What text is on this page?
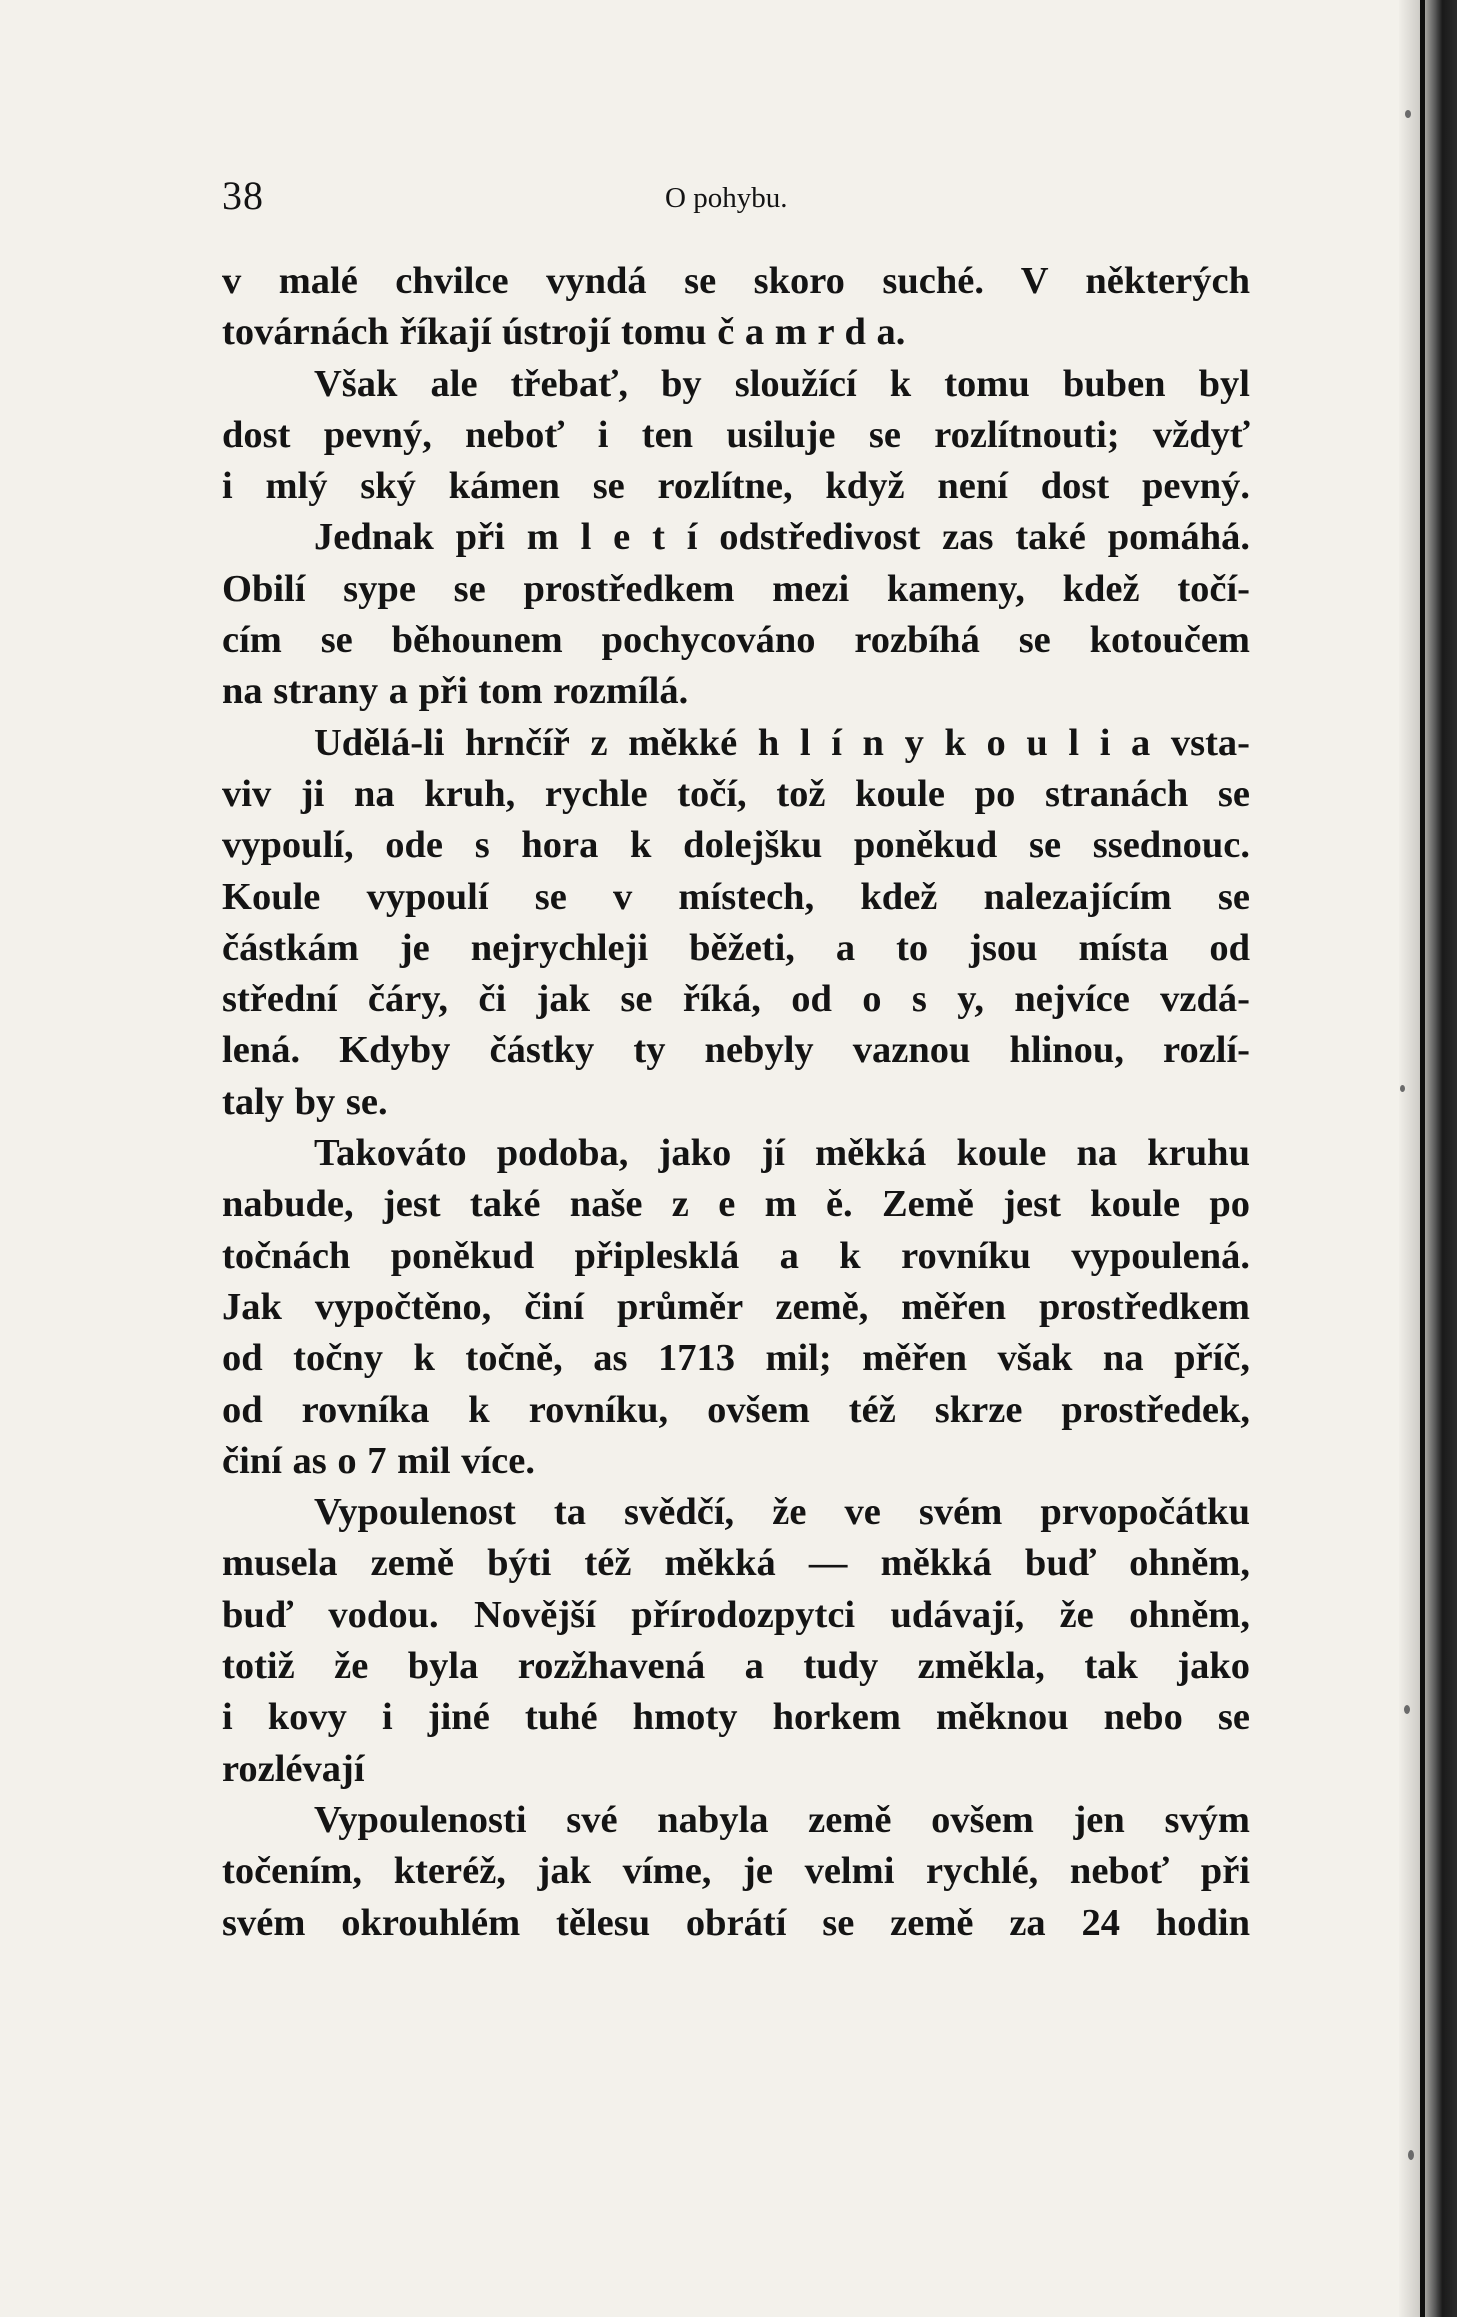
38	O pohybu.
v malé chvilce vyndá se skoro suché. V některých
továrnách říkají ústrojí tomu č a m r d a.
Však ale třebať, by sloužící k tomu buben byl
dost pevný, neboť i ten usiluje se rozlítnouti; vždyť
i mlý ský kámen se rozlítne, když není dost pevný.
Jednak při m l e t í odstředivost zas také pomáhá.
Obilí sype se prostředkem mezi kameny, kdež točí-
cím se běhounem pochycováno rozbíhá se kotoučem
na strany a při tom rozmílá.
Udělá-li hrnčíř z měkké h l í n y k o u l i a vsta-
viv ji na kruh, rychle točí, tož koule po stranách se
vypoulí, ode s hora k dolejšku poněkud se ssednouc.
Koule vypoulí se v místech, kdež nalezajícím se
částkám je nejrychleji běžeti, a to jsou místa od
střední čáry, či jak se říká, od o s y, nejvíce vzdá-
lená. Kdyby částky ty nebyly vaznou hlinou, rozlí-
taly by se.
Takováto podoba, jako jí měkká koule na kruhu
nabude, jest také naše z e m ě. Země jest koule po
točnách poněkud připlesklá a k rovníku vypoulená.
Jak vypočtěno, činí průměr země, měřen prostředkem
od točny k točně, as 1713 mil; měřen však na příč,
od rovníka k rovníku, ovšem též skrze prostředek,
činí as o 7 mil více.
Vypoulenost ta svědčí, že ve svém prvopočátku
musela země býti též měkká — měkká buď ohněm,
buď vodou. Novější přírodozpytci udávají, že ohněm,
totiž že byla rozžhavená a tudy změkla, tak jako
i kovy i jiné tuhé hmoty horkem měknou nebo se
rozlévají
Vypoulenosti své nabyla země ovšem jen svým
točením, kteréž, jak víme, je velmi rychlé, neboť při
svém okrouhlém tělesu obrátí se země za 24 hodin
